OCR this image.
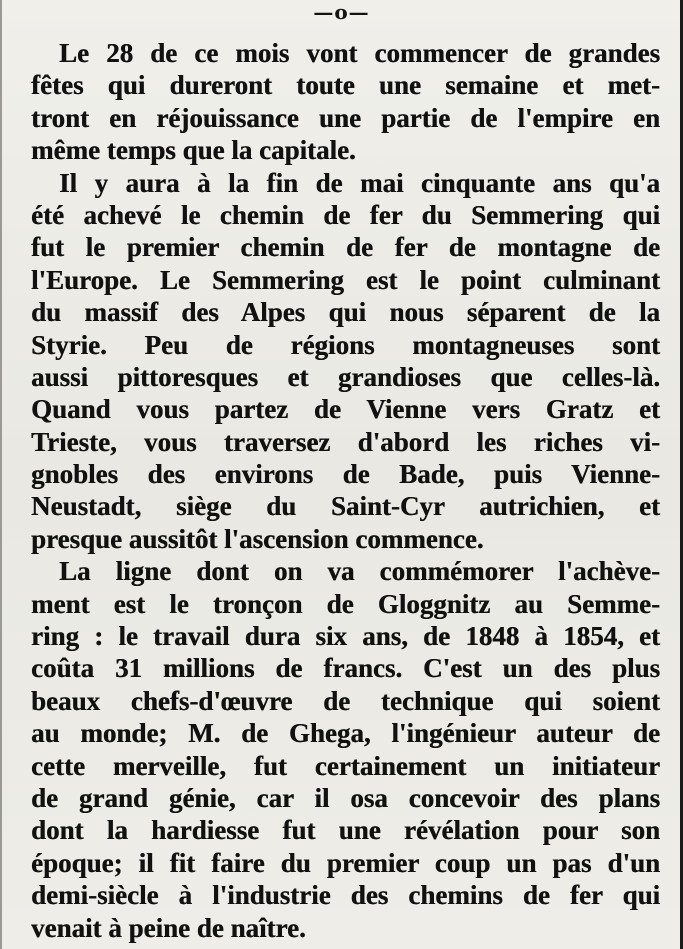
—o—
Le 28 de ce mois vont commencer de grandes
fêtes qui dureront toute une semaine et met-
tront en réjouissance une partie de l'empire en
même temps que la capitale.
Il y aura à la fin de mai cinquante ans qu'a
été achevé le chemin de fer du Semmering qui
fut le premier chemin de fer de montagne de
l'Europe. Le Semmering est le point culminant
du massif des Alpes qui nous séparent de la
Styrie. Peu de régions montagneuses sont
aussi pittoresques et grandioses que celles-là.
Quand vous partez de Vienne vers Gratz et
Trieste, vous traversez d'abord les riches vi-
gnobles des environs de Bade, puis Vienne-
Neustadt, siège du Saint-Cyr autrichien, et
presque aussitôt l'ascension commence.
La ligne dont on va commémorer l'achève-
ment est le tronçon de Gloggnitz au Semme-
ring : le travail dura six ans, de 1848 à 1854, et
coûta 31 millions de francs. C'est un des plus
beaux chefs-d'œuvre de technique qui soient
au monde; M. de Ghega, l'ingénieur auteur de
cette merveille, fut certainement un initiateur
de grand génie, car il osa concevoir des plans
dont la hardiesse fut une révélation pour son
époque; il fit faire du premier coup un pas d'un
demi-siècle à l'industrie des chemins de fer qui
venait à peine de naître.
